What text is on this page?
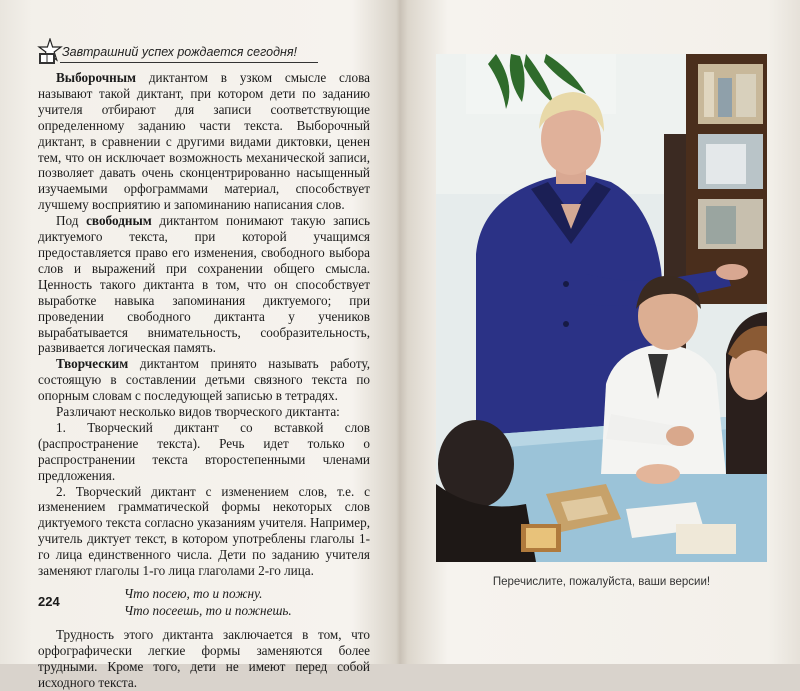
Завтрашний успех рождается сегодня!

Выборочным диктантом в узком смысле слова называют такой диктант, при котором дети по заданию учителя отбирают для записи соответствующие определенному заданию части текста. Выборочный диктант, в сравнении с другими видами диктовки, ценен тем, что он исключает возможность механической записи, позволяет давать очень сконцентрированно насыщенный изучаемыми орфограммами материал, способствует лучшему восприятию и запоминанию написания слов.

Под свободным диктантом понимают такую запись диктуемого текста, при которой учащимся предоставляется право его изменения, свободного выбора слов и выражений при сохранении общего смысла. Ценность такого диктанта в том, что он способствует выработке навыка запоминания диктуемого; при проведении свободного диктанта у учеников вырабатывается внимательность, сообразительность, развивается логическая память.

Творческим диктантом принято называть работу, состоящую в составлении детьми связного текста по опорным словам с последующей записью в тетрадях.

Различают несколько видов творческого диктанта:

1. Творческий диктант со вставкой слов (распространение текста). Речь идет только о распространении текста второстепенными членами предложения.

2. Творческий диктант с изменением слов, т.е. с изменением грамматической формы некоторых слов диктуемого текста согласно указаниям учителя. Например, учитель диктует текст, в котором употреблены глаголы 1-го лица единственного числа. Дети по заданию учителя заменяют глаголы 1-го лица глаголами 2-го лица.

Что посею, то и пожну.
Что посеешь, то и пожнешь.

Трудность этого диктанта заключается в том, что орфографически легкие формы заменяются более трудными. Кроме того, дети не имеют перед собой исходного текста.

224
Перечислите, пожалуйста, ваши версии!
